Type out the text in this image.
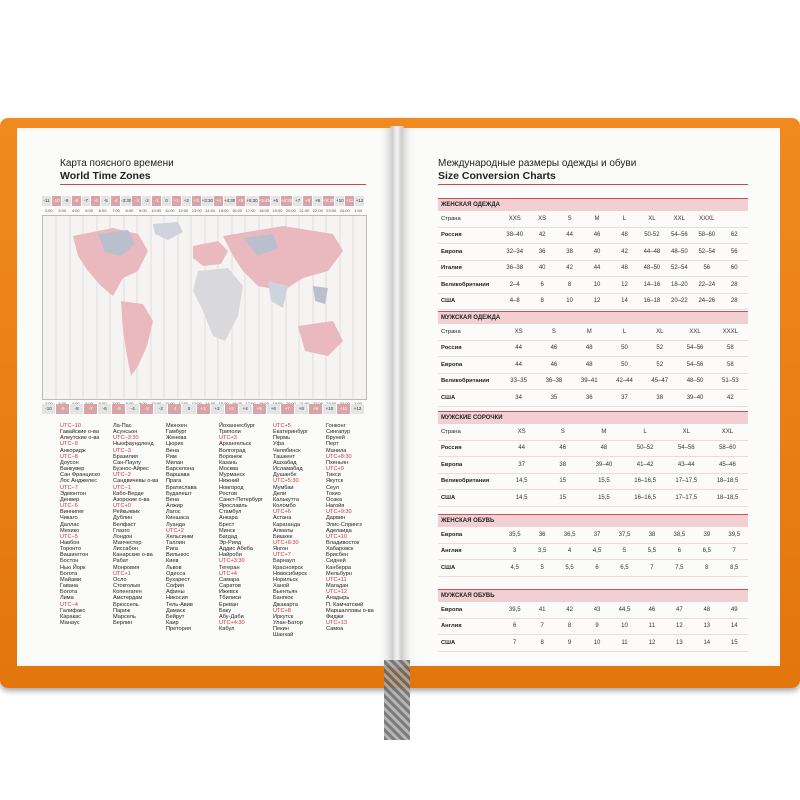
Карта поясного времени
World Time Zones
-11 -10	-9	-8	-7	-6	-5	-4 -3:30 -3	-2	-1	0	+1	+2	+3 +3:30 +4 +4:30 +5 +5:30 +5:45 +6 +6:30 +7	+8	+9 +9:30 +10 +11 +12
2:00	3:00	4:00	5:00	6:00	7:00	8:00	9:00	10:00 11:00 12:00 13:00 14:00 15:00 16:00 17:00 18:00 19:00 20:00 21:00 22:00 23:00 24:00	1:00
-10	-9	-8	-7	-6	-5	-4	-3	-2	-1	0	+1	+2	+3	+4	+5	+6	+7	+8	+9	+10	+11	+12
UTC−10
Гавайские о-ва
Алеутские о-ва
UTC−9
Анкоридж
UTC−8
Доусон
Ванкувер
Сан Франциско
Лос Анджелес
UTC−7
Эдмонтон
Денвер
UTC−6
Виннипег
Чикаго
Даллас
Мехико
UTC−5
Навбон
Торонто
Вашингтон
Бостон
Нью Йорк
Богота
Майами
Гавана
Богота
Лима
UTC−4
Галифакс
Каракас
Манаус
Ла-Пас
Асунсьон
UTC−3:30
Ньюфаундленд
UTC−3
Бразилия
Сан-Паулу
Буэнос-Айрес
UTC−2
Сандвичевы о-ва
UTC−1
Кабо-Верде
Азорские о-ва
UTC+0
Рейкьявик
Дублин
Белфаст
Глазго
Лондон
Манчестер
Лиссабон
Канарские о-ва
Рабат
Монровия
UTC+1
Осло
Стокгольм
Копенгаген
Амстердам
Брюссель
Париж
Марсель
Берлин
Мюнхен
Гамбург
Женева
Цюрих
Вена
Рим
Милан
Барселона
Варшава
Прага
Братислава
Будапешт
Вена
Алжир
Лагос
Киншаса
Луанда
UTC+2
Хельсинки
Таллин
Рига
Вильнюс
Киев
Львов
Одесса
Бухарест
София
Афины
Никосия
Тель-Авив
Дамаск
Бейрут
Каир
Претория
Йоханнесбург
Триполи
UTC+3
Архангельск
Волгоград
Воронеж
Казань
Москва
Мурманск
Нижний
Новгород
Ростов
Санкт-Петербург
Ярославль
Стамбул
Анкара
Брест
Минск
Багдад
Эр-Рияд
Аддис Абеба
Найроби
UTC+3:30
Тегеран
UTC+4
Самара
Саратов
Ижевск
Тбилиси
Ереван
Баку
Абу-Даби
UTC+4:30
Кабул
UTC+5
Екатеринбург
Пермь
Уфа
Челябинск
Ташкент
Ашхабад
Исламабад
Душанбе
UTC+5:30
Мумбаи
Дели
Калькутта
Коломбо
UTC+6
Астана
Караганда
Алматы
Бишкек
UTC+6:30
Янгон
UTC+7
Барнаул
Красноярск
Новосибирск
Норильск
Ханой
Вьентьян
Бангкок
Джакарта
UTC+8
Иркутск
Улан-Батор
Пекин
Шанхай
Гонконг
Сингапур
Бруней
Перт
Манила
UTC+8:30
Пхеньян
UTC+9
Тикси
Якутск
Сеул
Токио
Осака
Нагойя
UTC+9:30
Дарвин
Элис-Спрингз
Аделаида
UTC+10
Владивосток
Хабаровск
Брисбен
Сидней
Канберра
Мельбурн
UTC+11
Магадан
UTC+12
Анадырь
П. Камчатский
Маршалловы о-ва
Фиджи
UTC+13
Самоа
Международные размеры одежды и обуви
Size Conversion Charts
ЖЕНСКАЯ ОДЕЖДА
Страна	XXS	XS	S	M	L	XL	XXL	XXXL
Россия	38–40	42	44	46	48	50-52	54–56	58–60	62
Европа	32–34	36	38	40	42	44–48	48–50	52–54	56
Италия	36–38	40	42	44	48	48–50	52–54	56	60
Великобритания	2–4	6	8	10	12	14–16	18–20	22–24	28
США	4–8	8	10	12	14	16–18	20–22	24–26	28
МУЖСКАЯ ОДЕЖДА
Страна	XS	S	M	L	XL	XXL	XXXL
Россия	44	46	48	50	52	54–56	58
Европа	44	46	48	50	52	54–56	58
Великобритания	33–35	36–38	39–41	42–44	45–47	48–50	51–53
США	34	35	36	37	38	39–40	42
МУЖСКИЕ СОРОЧКИ
Страна	XS	S	M	L	XL	XXL
Россия	44	46	48	50–52	54–56	58–60
Европа	37	38	39–40	41–42	43–44	45–46
Великобритания	14,5	15	15,5	16–16,5	17–17,5	18–18,5
США	14,5	15	15,5	16–16,5	17–17,5	18–18,5
ЖЕНСКАЯ ОБУВЬ
Европа	35,5	36	36,5	37	37,5	38	38,5	39	39,5
Англия	3	3,5	4	4,5	5	5,5	6	6,5	7
США	4,5	5	5,5	6	6,5	7	7,5	8	8,5
МУЖСКАЯ ОБУВЬ
Европа	39,5	41	42	43	44,5	46	47	48	49
Англия	6	7	8	9	10	11	12	13	14
США	7	8	9	10	11	12	13	14	15
